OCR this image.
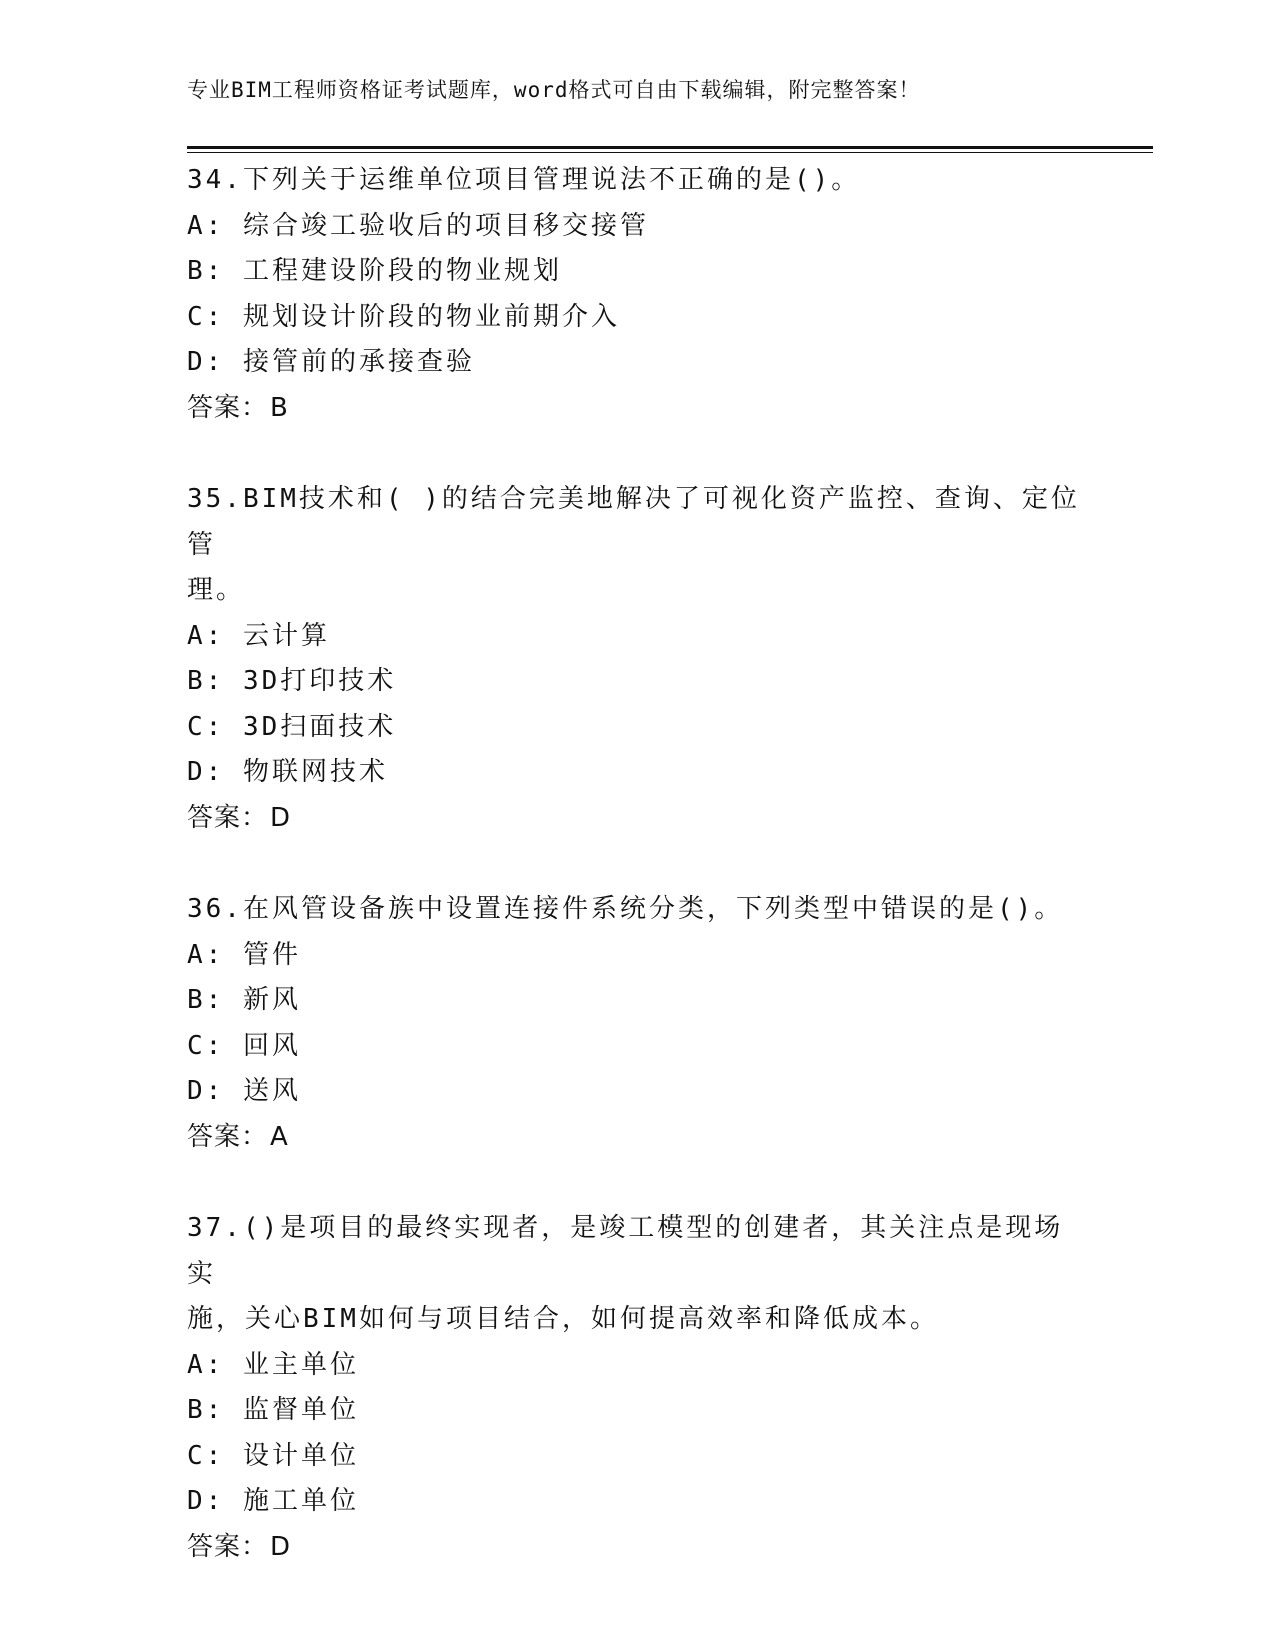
专业BIM工程师资格证考试题库，word格式可自由下载编辑，附完整答案！
34.下列关于运维单位项目管理说法不正确的是()。
A: 综合竣工验收后的项目移交接管
B: 工程建设阶段的物业规划
C: 规划设计阶段的物业前期介入
D: 接管前的承接查验
答案：B
35.BIM技术和( )的结合完美地解决了可视化资产监控、查询、定位管
理。
A: 云计算
B: 3D打印技术
C: 3D扫面技术
D: 物联网技术
答案：D
36.在风管设备族中设置连接件系统分类，下列类型中错误的是()。
A: 管件
B: 新风
C: 回风
D: 送风
答案：A
37.()是项目的最终实现者，是竣工模型的创建者，其关注点是现场实
施，关心BIM如何与项目结合，如何提高效率和降低成本。
A: 业主单位
B: 监督单位
C: 设计单位
D: 施工单位
答案：D
